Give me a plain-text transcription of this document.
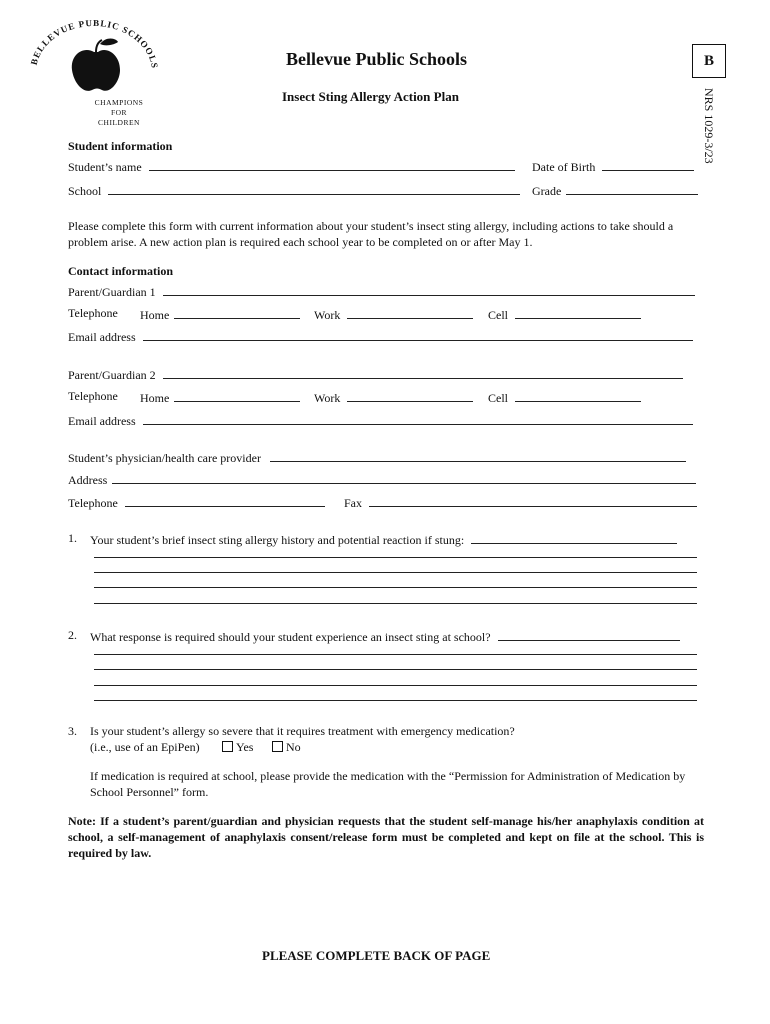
BELLEVUE PUBLIC SCHOOL
CHAMPIONS
FOR
CHILDREN
Bellevue Public Schools
Insect Sting Allergy Action Plan
B
NRS 1029-3/23
Student information
Student’s name	Date of Birth
School	Grade
Please complete this form with current information about your student’s insect sting allergy, including actions to take should a problem arise. A new action plan is required each school year to be completed on or after May 1.
Contact information
Parent/Guardian 1
Telephone Home	Work	Cell
Email address
Parent/Guardian 2
Telephone Home	Work	Cell
Email address
Student’s physician/health care provider
Address
Telephone	Fax
1. Your student’s brief insect sting allergy history and potential reaction if stung:
2. What response is required should your student experience an insect sting at school?
3. Is your student’s allergy so severe that it requires treatment with emergency medication?
(i.e., use of an EpiPen)	Yes	No
If medication is required at school, please provide the medication with the “Permission for Administration of Medication by School Personnel” form.
Note: If a student’s parent/guardian and physician requests that the student self-manage his/her anaphylaxis condition at school, a self-management of anaphylaxis consent/release form must be completed and kept on file at the school. This is required by law.
PLEASE COMPLETE BACK OF PAGE
